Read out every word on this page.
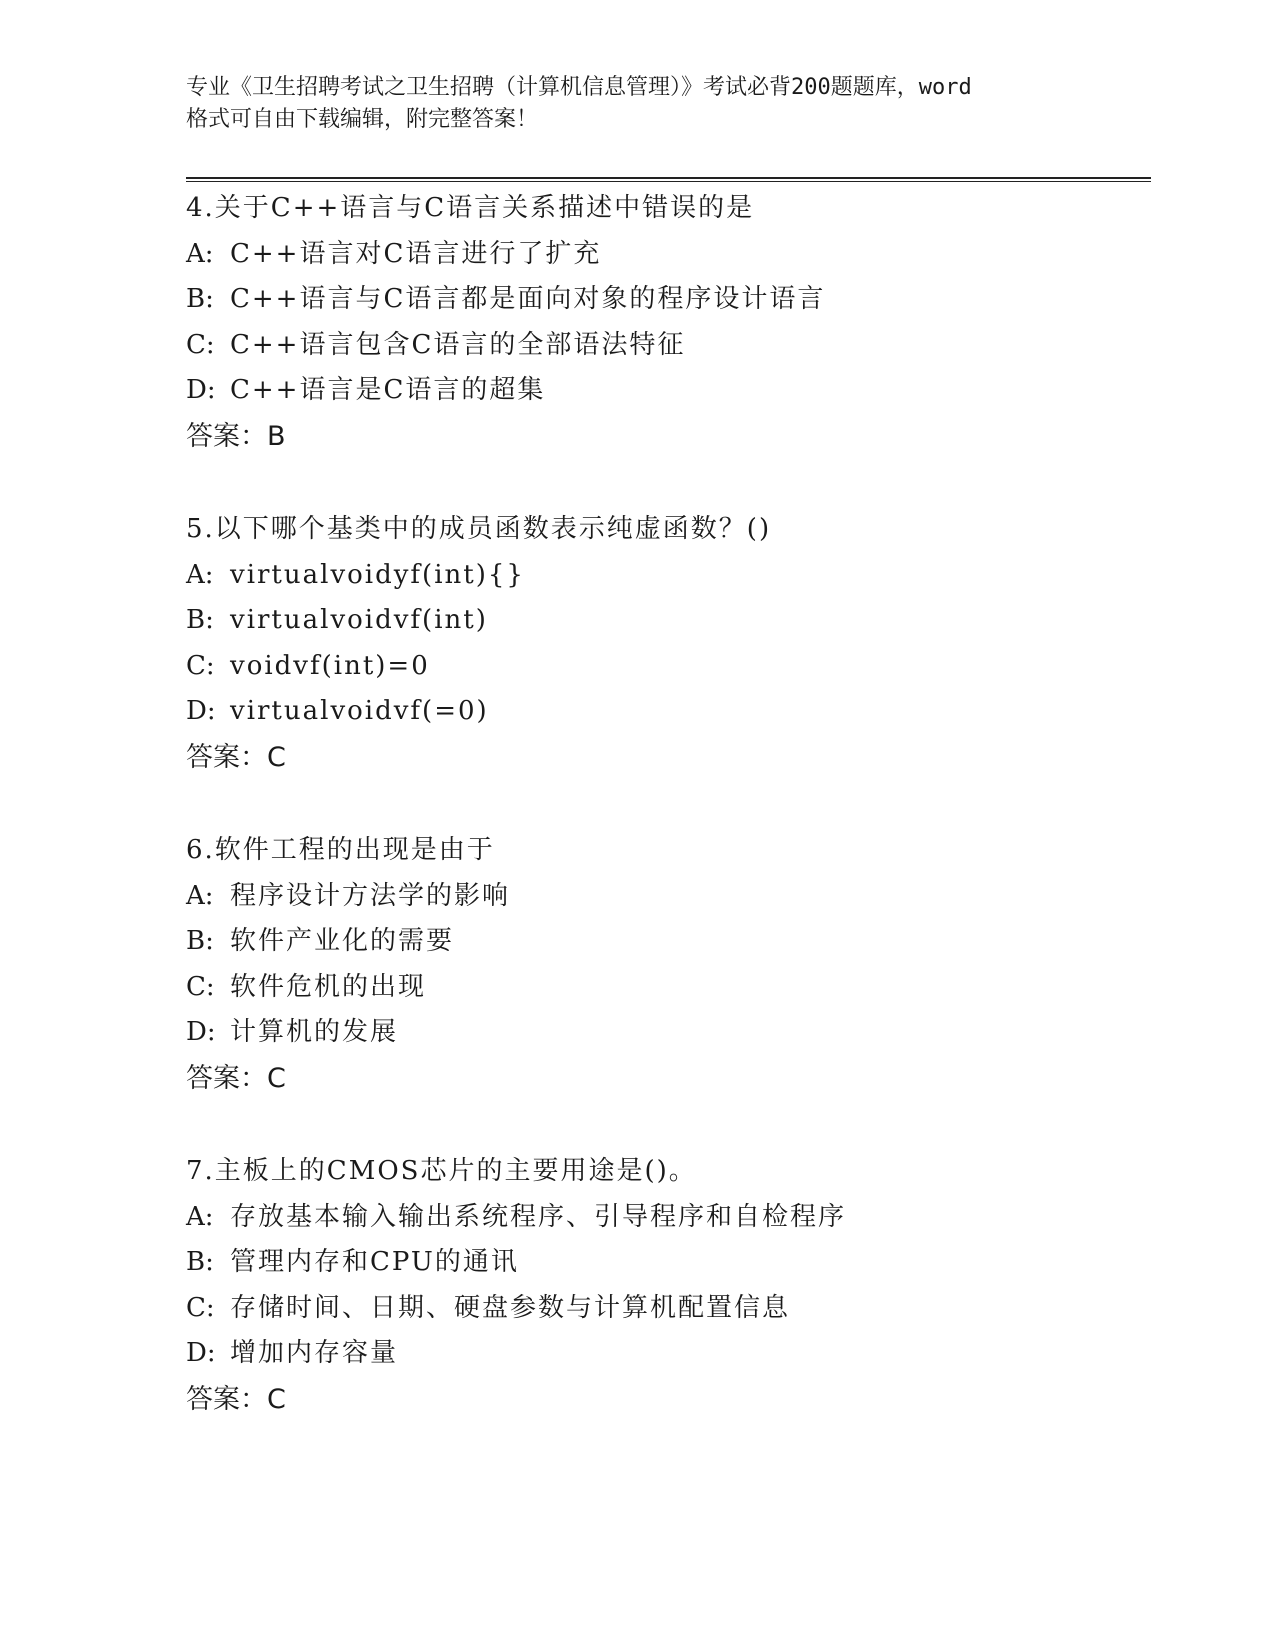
专业《卫生招聘考试之卫生招聘（计算机信息管理）》考试必背200题题库，word
格式可自由下载编辑，附完整答案！
4.关于C++语言与C语言关系描述中错误的是
A: C++语言对C语言进行了扩充
B: C++语言与C语言都是面向对象的程序设计语言
C: C++语言包含C语言的全部语法特征
D: C++语言是C语言的超集
答案：B
5.以下哪个基类中的成员函数表示纯虚函数？()
A: virtualvoidyf(int){}
B: virtualvoidvf(int)
C: voidvf(int)=0
D: virtualvoidvf(=0)
答案：C
6.软件工程的出现是由于
A: 程序设计方法学的影响
B: 软件产业化的需要
C: 软件危机的出现
D: 计算机的发展
答案：C
7.主板上的CMOS芯片的主要用途是()。
A: 存放基本输入输出系统程序、引导程序和自检程序
B: 管理内存和CPU的通讯
C: 存储时间、日期、硬盘参数与计算机配置信息
D: 增加内存容量
答案：C
